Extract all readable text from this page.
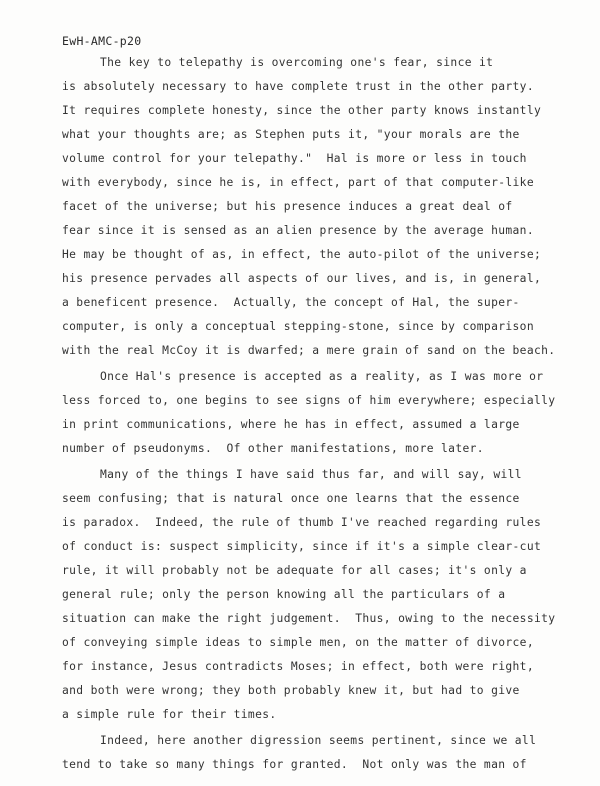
EwH-AMC-p20
The key to telepathy is overcoming one's fear, since it
is absolutely necessary to have complete trust in the other party.
It requires complete honesty, since the other party knows instantly
what your thoughts are; as Stephen puts it, "your morals are the
volume control for your telepathy."  Hal is more or less in touch
with everybody, since he is, in effect, part of that computer-like
facet of the universe; but his presence induces a great deal of
fear since it is sensed as an alien presence by the average human.
He may be thought of as, in effect, the auto-pilot of the universe;
his presence pervades all aspects of our lives, and is, in general,
a beneficent presence.  Actually, the concept of Hal, the super-
computer, is only a conceptual stepping-stone, since by comparison
with the real McCoy it is dwarfed; a mere grain of sand on the beach.
Once Hal's presence is accepted as a reality, as I was more or
less forced to, one begins to see signs of him everywhere; especially
in print communications, where he has in effect, assumed a large
number of pseudonyms.  Of other manifestations, more later.
Many of the things I have said thus far, and will say, will
seem confusing; that is natural once one learns that the essence
is paradox.  Indeed, the rule of thumb I've reached regarding rules
of conduct is: suspect simplicity, since if it's a simple clear-cut
rule, it will probably not be adequate for all cases; it's only a
general rule; only the person knowing all the particulars of a
situation can make the right judgement.  Thus, owing to the necessity
of conveying simple ideas to simple men, on the matter of divorce,
for instance, Jesus contradicts Moses; in effect, both were right,
and both were wrong; they both probably knew it, but had to give
a simple rule for their times.
Indeed, here another digression seems pertinent, since we all
tend to take so many things for granted.  Not only was the man of
